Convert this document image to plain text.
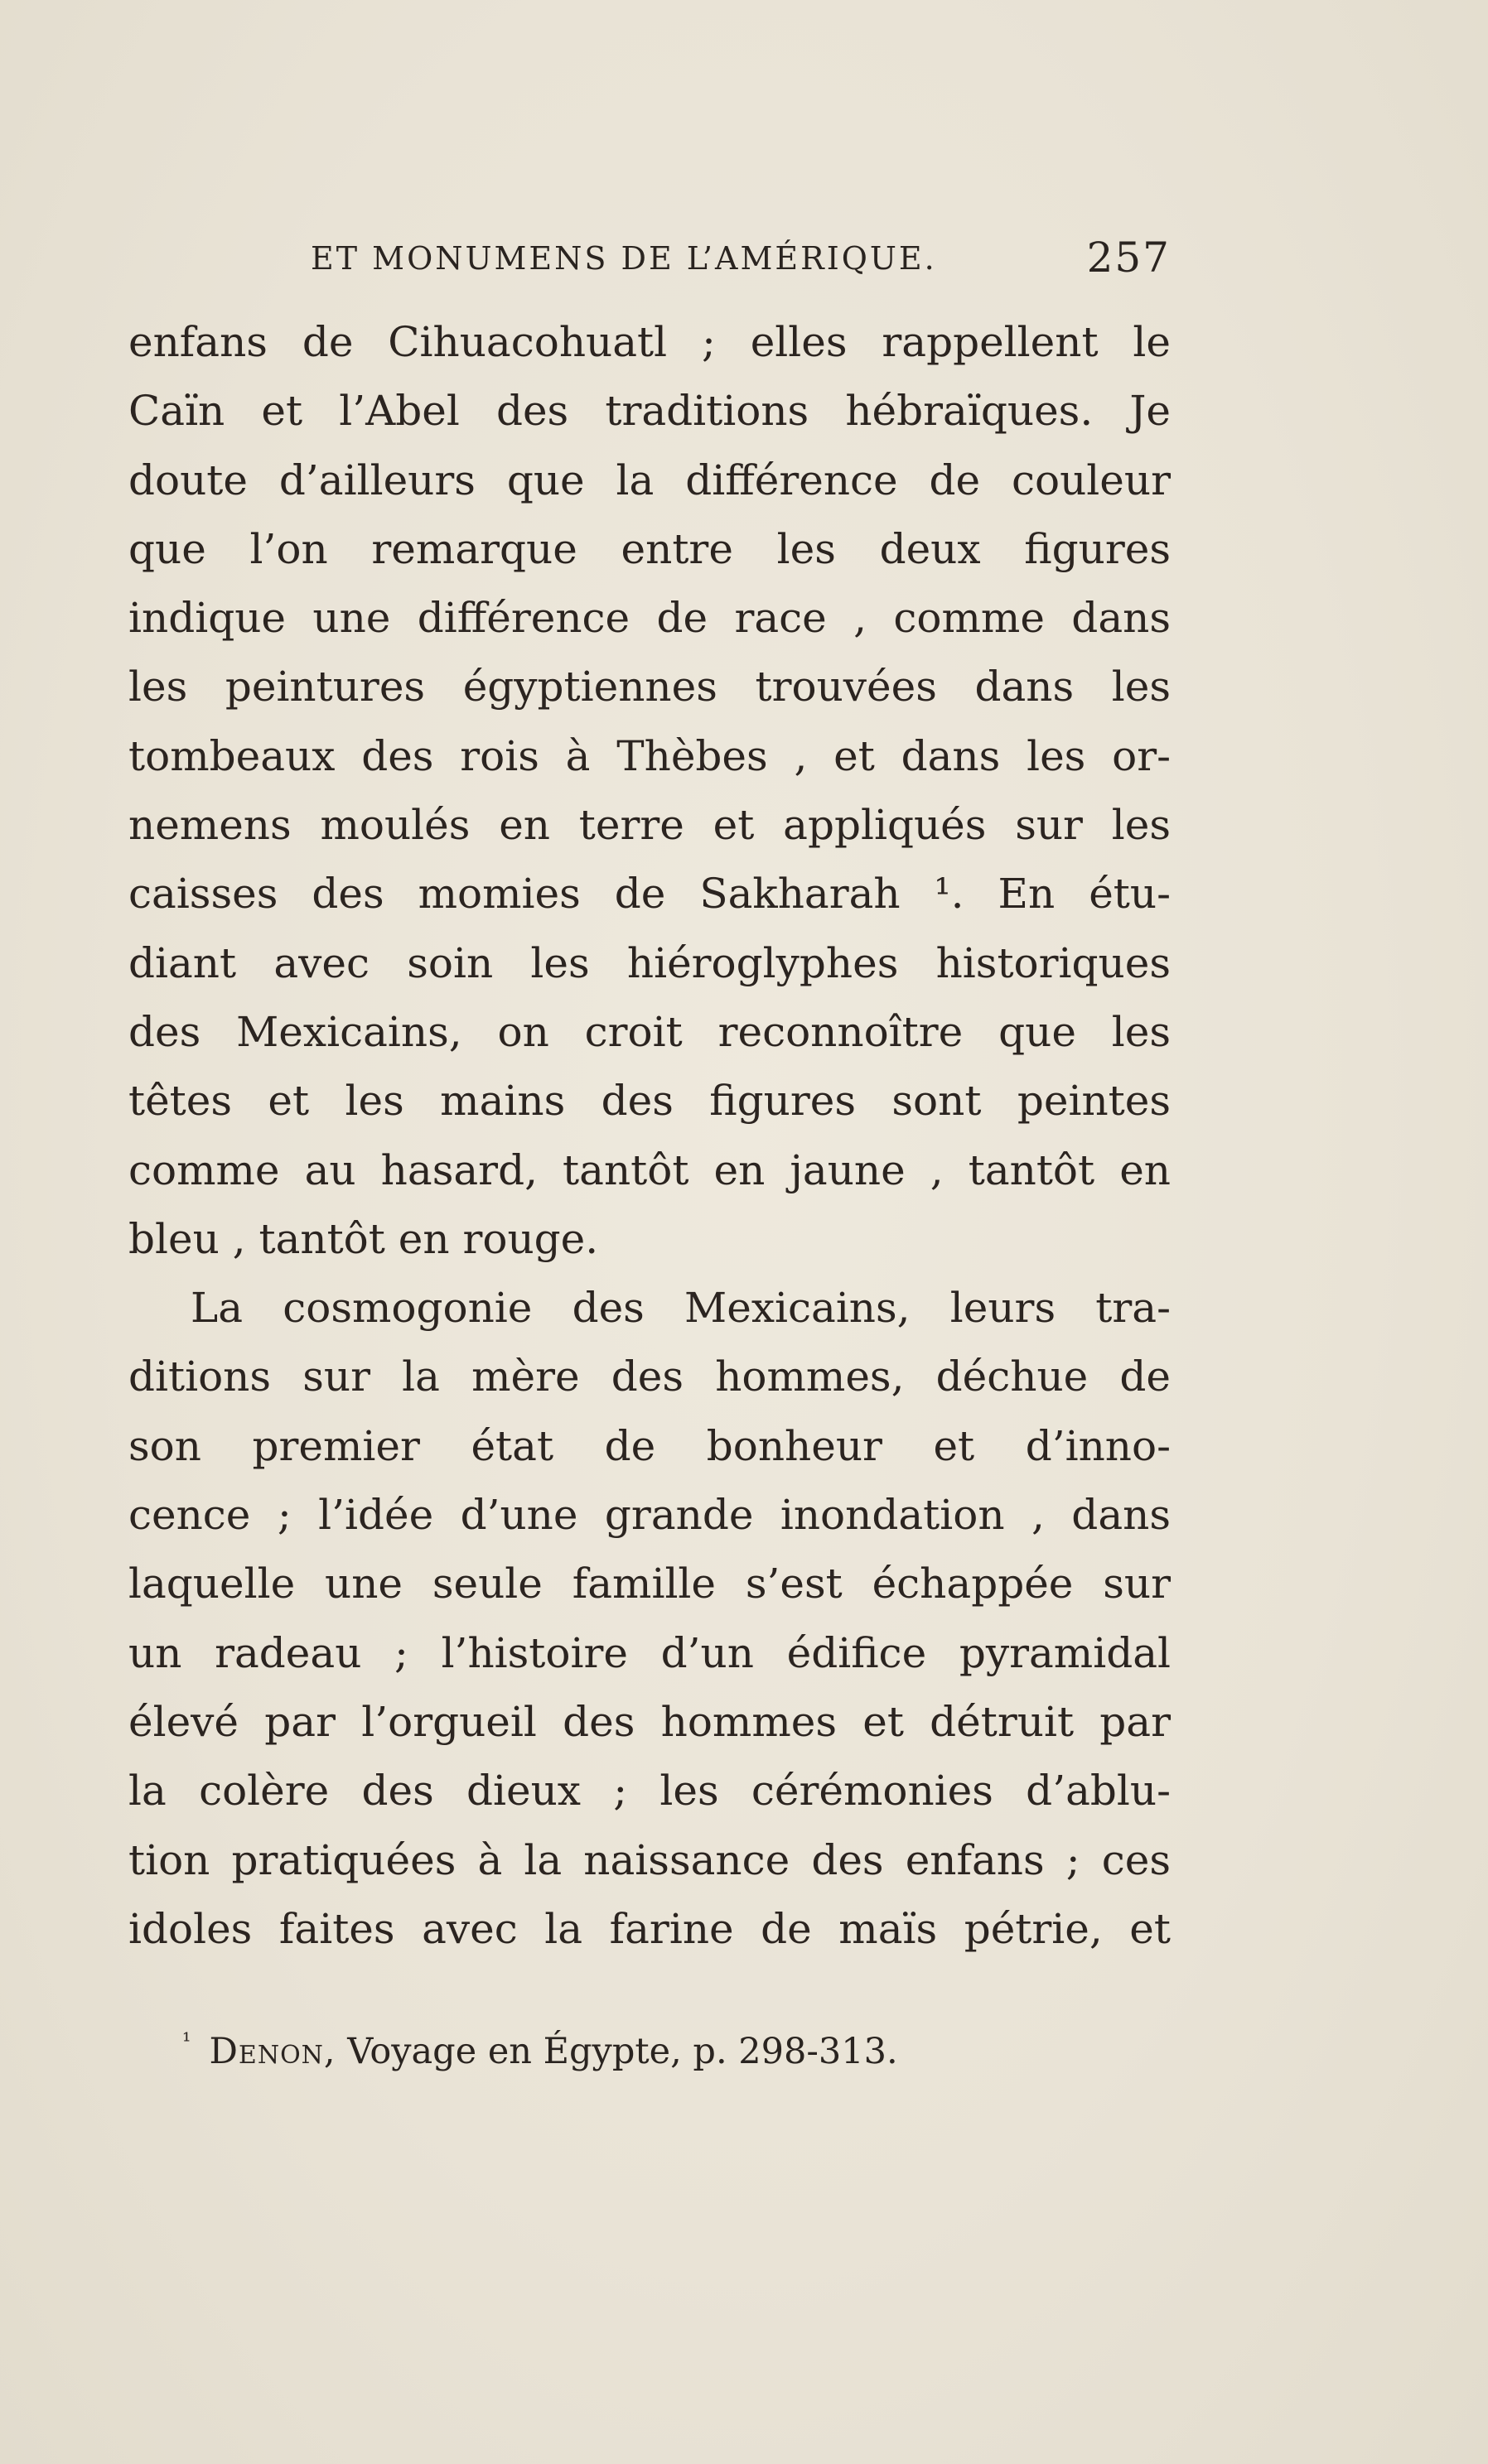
ET MONUMENS DE L’AMÉRIQUE.	257
enfans de Cihuacohuatl ; elles rappellent le
Caïn et l’Abel des traditions hébraïques. Je
doute d’ailleurs que la différence de couleur
que l’on remarque entre les deux figures
indique une différence de race , comme dans
les peintures égyptiennes trouvées dans les
tombeaux des rois à Thèbes , et dans les or-
nemens moulés en terre et appliqués sur les
caisses des momies de Sakharah ¹. En étu-
diant avec soin les hiéroglyphes historiques
des Mexicains, on croit reconnoître que les
têtes et les mains des figures sont peintes
comme au hasard, tantôt en jaune , tantôt en
bleu , tantôt en rouge.
La cosmogonie des Mexicains, leurs tra-
ditions sur la mère des hommes, déchue de
son premier état de bonheur et d’inno-
cence ; l’idée d’une grande inondation , dans
laquelle une seule famille s’est échappée sur
un radeau ; l’histoire d’un édifice pyramidal
élevé par l’orgueil des hommes et détruit par
la colère des dieux ; les cérémonies d’ablu-
tion pratiquées à la naissance des enfans ; ces
idoles faites avec la farine de maïs pétrie, et
$^{^1}$ Denon, Voyage en Égypte, p. 298-313.
